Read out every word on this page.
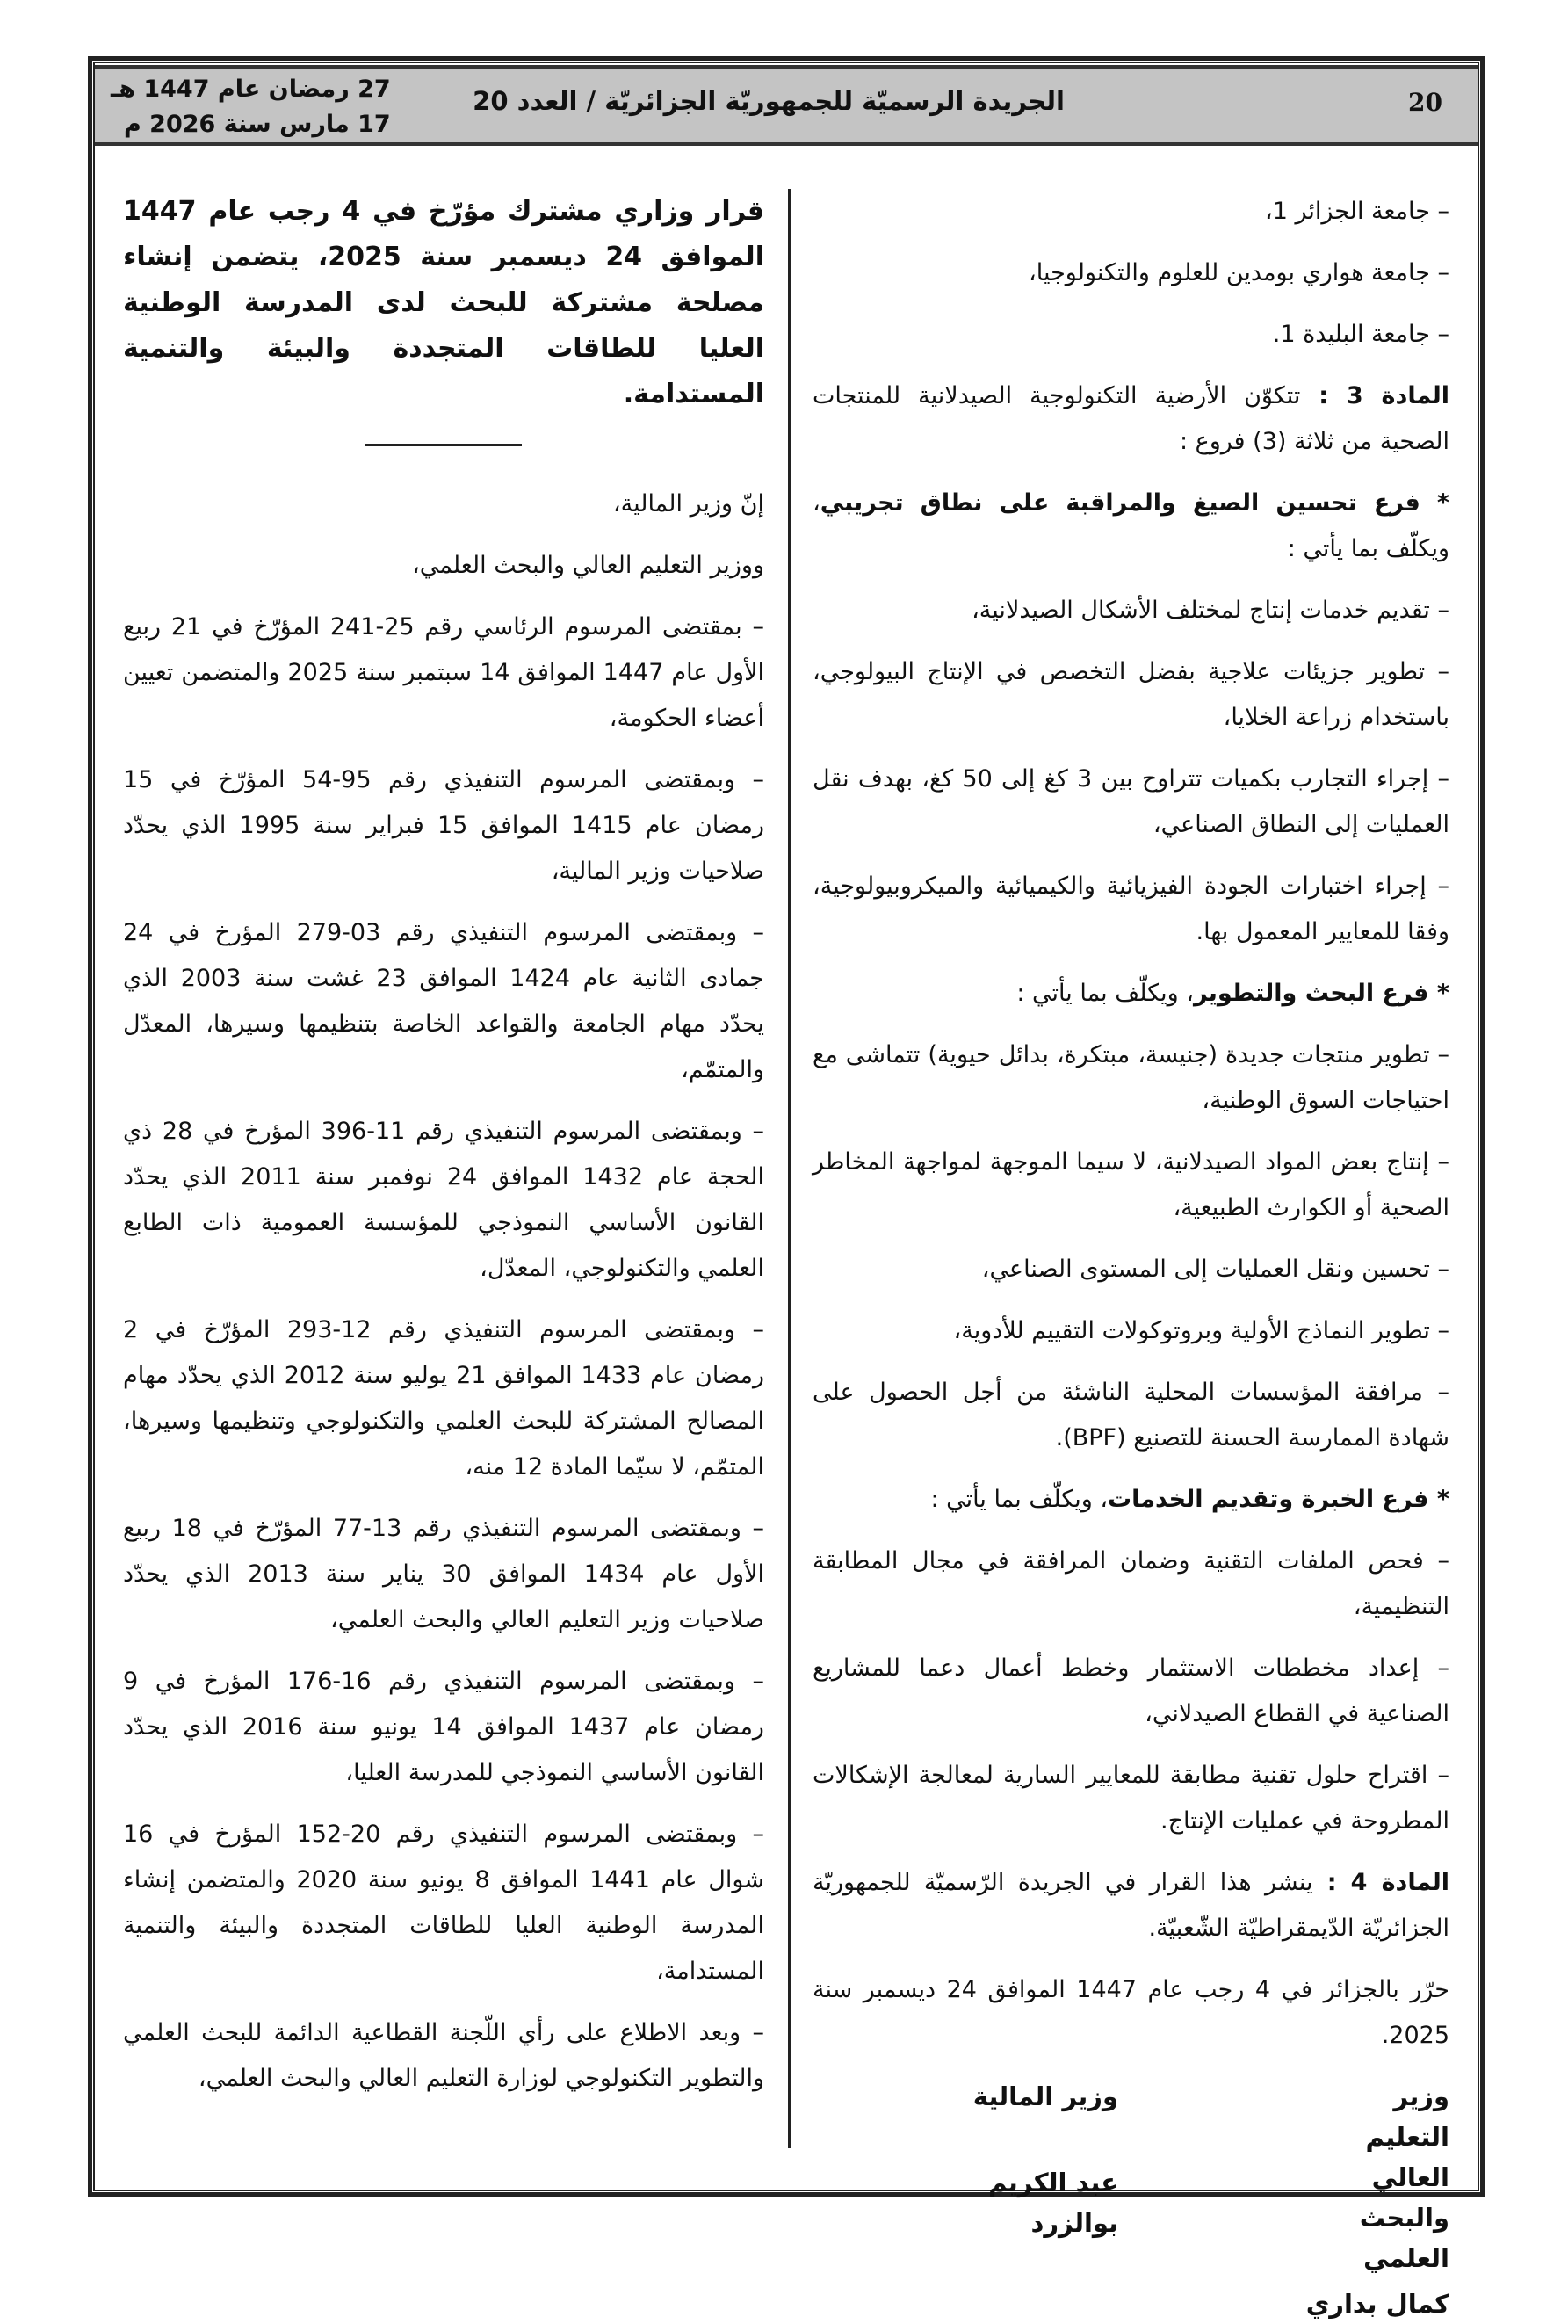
20
الجريدة الرسميّة للجمهوريّة الجزائريّة / العدد 20
27 رمضان عام 1447 هـ
17 مارس سنة 2026 م

– جامعة الجزائر 1،

– جامعة هواري بومدين للعلوم والتكنولوجيا،

– جامعة البليدة 1.

المادة 3 : تتكوّن الأرضية التكنولوجية الصيدلانية للمنتجات الصحية من ثلاثة (3) فروع :

* فرع تحسين الصيغ والمراقبة على نطاق تجريبي، ويكلّف بما يأتي :

– تقديم خدمات إنتاج لمختلف الأشكال الصيدلانية،

– تطوير جزيئات علاجية بفضل التخصص في الإنتاج البيولوجي، باستخدام زراعة الخلايا،

– إجراء التجارب بكميات تتراوح بين 3 كغ إلى 50 كغ، بهدف نقل العمليات إلى النطاق الصناعي،

– إجراء اختبارات الجودة الفيزيائية والكيميائية والميكروبيولوجية، وفقا للمعايير المعمول بها.

* فرع البحث والتطوير، ويكلّف بما يأتي :

– تطوير منتجات جديدة (جنيسة، مبتكرة، بدائل حيوية) تتماشى مع احتياجات السوق الوطنية،

– إنتاج بعض المواد الصيدلانية، لا سيما الموجهة لمواجهة المخاطر الصحية أو الكوارث الطبيعية،

– تحسين ونقل العمليات إلى المستوى الصناعي،

– تطوير النماذج الأولية وبروتوكولات التقييم للأدوية،

– مرافقة المؤسسات المحلية الناشئة من أجل الحصول على شهادة الممارسة الحسنة للتصنيع (BPF).

* فرع الخبرة وتقديم الخدمات، ويكلّف بما يأتي :

– فحص الملفات التقنية وضمان المرافقة في مجال المطابقة التنظيمية،

– إعداد مخططات الاستثمار وخطط أعمال دعما للمشاريع الصناعية في القطاع الصيدلاني،

– اقتراح حلول تقنية مطابقة للمعايير السارية لمعالجة الإشكالات المطروحة في عمليات الإنتاج.

المادة 4 : ينشر هذا القرار في الجريدة الرّسميّة للجمهوريّة الجزائريّة الدّيمقراطيّة الشّعبيّة.

حرّر بالجزائر في 4 رجب عام 1447 الموافق 24 ديسمبر سنة 2025.

وزير التعليم العالي والبحث العلمي
كمال بداري
وزير المالية
عبد الكريم بوالزرد

قرار وزاري مشترك مؤرّخ في 4 رجب عام 1447 الموافق 24 ديسمبر سنة 2025، يتضمن إنشاء مصلحة مشتركة للبحث لدى المدرسة الوطنية العليا للطاقات المتجددة والبيئة والتنمية المستدامة.

إنّ وزير المالية،

ووزير التعليم العالي والبحث العلمي،

– بمقتضى المرسوم الرئاسي رقم 25-241 المؤرّخ في 21 ربيع الأول عام 1447 الموافق 14 سبتمبر سنة 2025 والمتضمن تعيين أعضاء الحكومة،

– وبمقتضى المرسوم التنفيذي رقم 95-54 المؤرّخ في 15 رمضان عام 1415 الموافق 15 فبراير سنة 1995 الذي يحدّد صلاحيات وزير المالية،

– وبمقتضى المرسوم التنفيذي رقم 03-279 المؤرخ في 24 جمادى الثانية عام 1424 الموافق 23 غشت سنة 2003 الذي يحدّد مهام الجامعة والقواعد الخاصة بتنظيمها وسيرها، المعدّل والمتمّم،

– وبمقتضى المرسوم التنفيذي رقم 11-396 المؤرخ في 28 ذي الحجة عام 1432 الموافق 24 نوفمبر سنة 2011 الذي يحدّد القانون الأساسي النموذجي للمؤسسة العمومية ذات الطابع العلمي والتكنولوجي، المعدّل،

– وبمقتضى المرسوم التنفيذي رقم 12-293 المؤرّخ في 2 رمضان عام 1433 الموافق 21 يوليو سنة 2012 الذي يحدّد مهام المصالح المشتركة للبحث العلمي والتكنولوجي وتنظيمها وسيرها، المتمّم، لا سيّما المادة 12 منه،

– وبمقتضى المرسوم التنفيذي رقم 13-77 المؤرّخ في 18 ربيع الأول عام 1434 الموافق 30 يناير سنة 2013 الذي يحدّد صلاحيات وزير التعليم العالي والبحث العلمي،

– وبمقتضى المرسوم التنفيذي رقم 16-176 المؤرخ في 9 رمضان عام 1437 الموافق 14 يونيو سنة 2016 الذي يحدّد القانون الأساسي النموذجي للمدرسة العليا،

– وبمقتضى المرسوم التنفيذي رقم 20-152 المؤرخ في 16 شوال عام 1441 الموافق 8 يونيو سنة 2020 والمتضمن إنشاء المدرسة الوطنية العليا للطاقات المتجددة والبيئة والتنمية المستدامة،

– وبعد الاطلاع على رأي اللّجنة القطاعية الدائمة للبحث العلمي والتطوير التكنولوجي لوزارة التعليم العالي والبحث العلمي،
